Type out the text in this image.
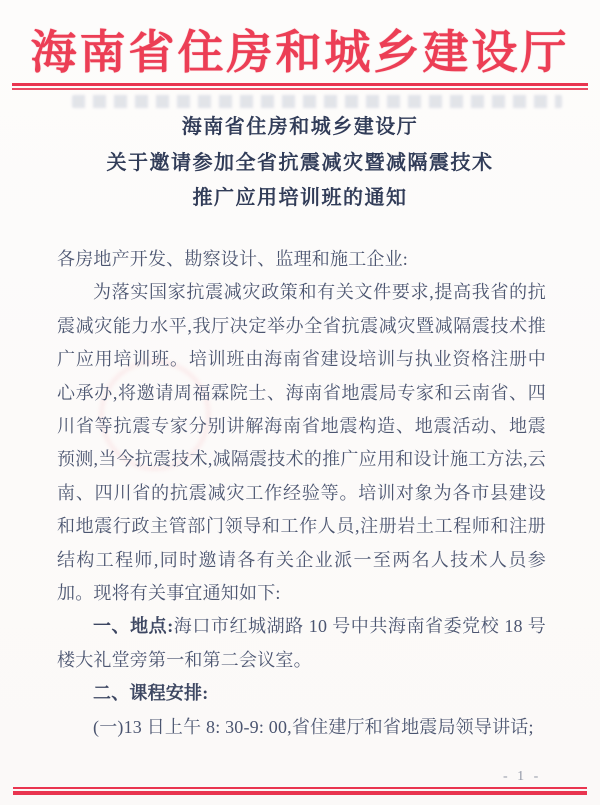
海南省住房和城乡建设厅
海南省住房和城乡建设厅
关于邀请参加全省抗震减灾暨减隔震技术
推广应用培训班的通知

各房地产开发、勘察设计、监理和施工企业:

为落实国家抗震减灾政策和有关文件要求,提高我省的抗震减灾能力水平,我厅决定举办全省抗震减灾暨减隔震技术推广应用培训班。培训班由海南省建设培训与执业资格注册中心承办,将邀请周福霖院士、海南省地震局专家和云南省、四川省等抗震专家分别讲解海南省地震构造、地震活动、地震预测,当今抗震技术,减隔震技术的推广应用和设计施工方法,云南、四川省的抗震减灾工作经验等。培训对象为各市县建设和地震行政主管部门领导和工作人员,注册岩土工程师和注册结构工程师,同时邀请各有关企业派一至两名人技术人员参加。现将有关事宜通知如下:

一、地点:海口市红城湖路 10 号中共海南省委党校 18 号楼大礼堂旁第一和第二会议室。

二、课程安排:

(一)13 日上午 8: 30-9: 00,省住建厅和省地震局领导讲话;

- 1 -
